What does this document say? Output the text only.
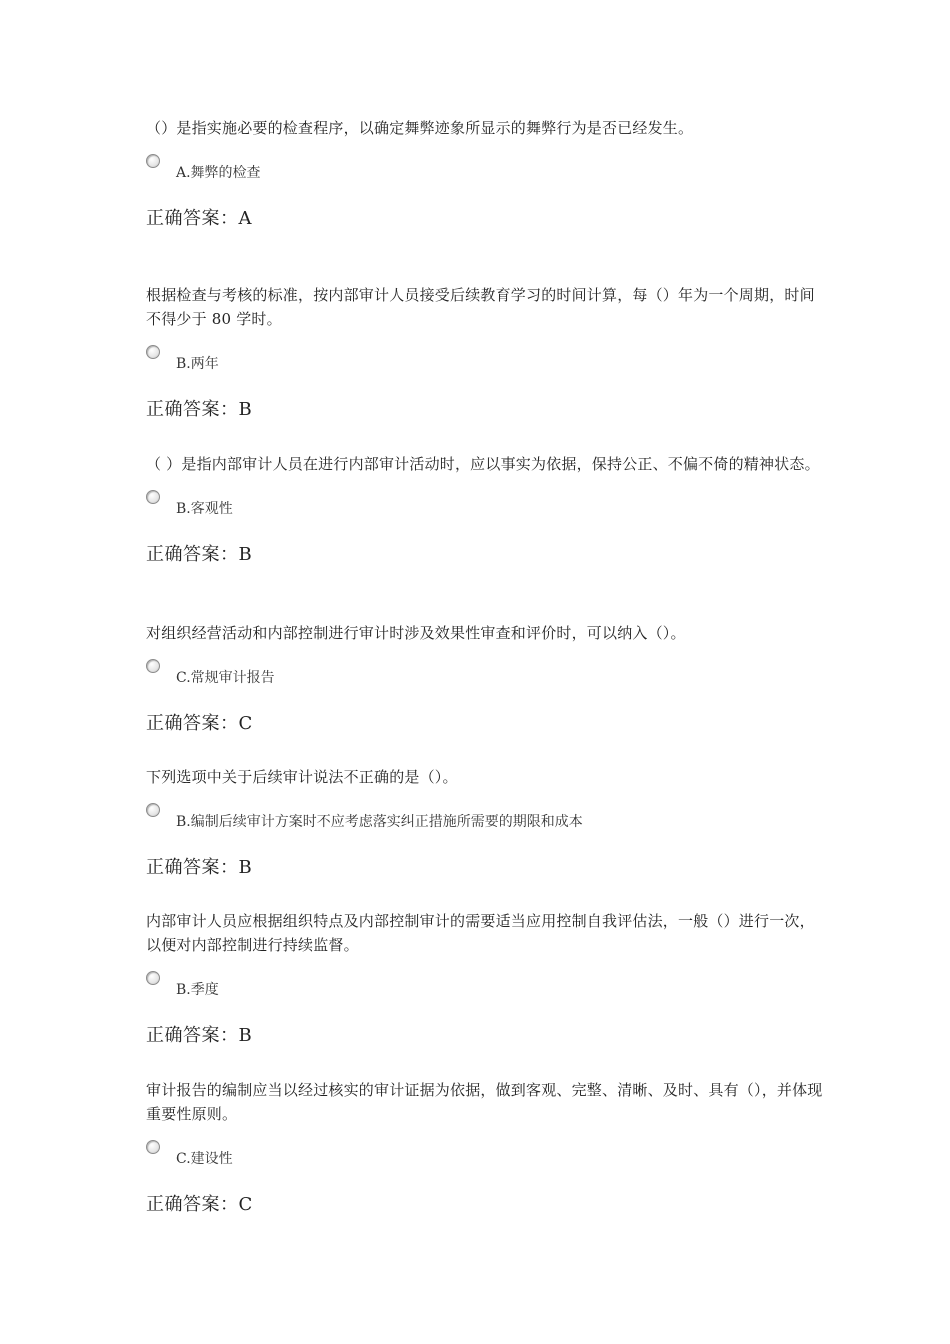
（）是指实施必要的检查程序，以确定舞弊迹象所显示的舞弊行为是否已经发生。

A.舞弊的检查
正确答案：A

根据检查与考核的标准，按内部审计人员接受后续教育学习的时间计算，每（）年为一个周期，时间不得少于 80 学时。

B.两年
正确答案：B

（ ）是指内部审计人员在进行内部审计活动时，应以事实为依据，保持公正、不偏不倚的精神状态。

B.客观性
正确答案：B

对组织经营活动和内部控制进行审计时涉及效果性审查和评价时，可以纳入（）。

C.常规审计报告
正确答案：C

下列选项中关于后续审计说法不正确的是（）。

B.编制后续审计方案时不应考虑落实纠正措施所需要的期限和成本
正确答案：B

内部审计人员应根据组织特点及内部控制审计的需要适当应用控制自我评估法，一般（）进行一次，以便对内部控制进行持续监督。

B.季度
正确答案：B

审计报告的编制应当以经过核实的审计证据为依据，做到客观、完整、清晰、及时、具有（），并体现重要性原则。

C.建设性
正确答案：C
